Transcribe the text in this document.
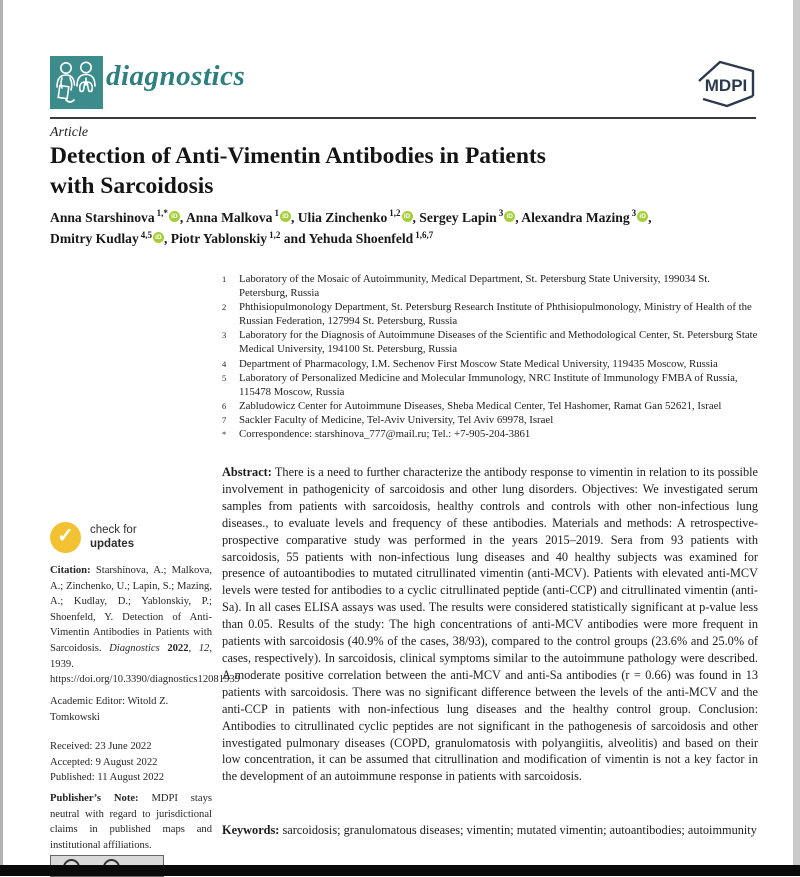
diagnostics	MDPI
Article
Detection of Anti-Vimentin Antibodies in Patients
with Sarcoidosis
Anna Starshinova $^{1,*}$ iD , Anna Malkova $^1$ iD , Ulia Zinchenko $^{1,2}$ iD , Sergey Lapin $^3$ iD , Alexandra Mazing $^3$ iD ,
Dmitry Kudlay $^{4,5}$ iD , Piotr Yablonskiy $^{1,2}$ and Yehuda Shoenfeld $^{1,6,7}$

1 Laboratory of the Mosaic of Autoimmunity, Medical Department, St. Petersburg State University, 199034 St. Petersburg, Russia

2 Phthisiopulmonology Department, St. Petersburg Research Institute of Phthisiopulmonology, Ministry of Health of the Russian Federation, 127994 St. Petersburg, Russia

3 Laboratory for the Diagnosis of Autoimmune Diseases of the Scientific and Methodological Center, St. Petersburg State Medical University, 194100 St. Petersburg, Russia

4 Department of Pharmacology, I.M. Sechenov First Moscow State Medical University, 119435 Moscow, Russia

5 Laboratory of Personalized Medicine and Molecular Immunology, NRC Institute of Immunology FMBA of Russia, 115478 Moscow, Russia

6 Zabludowicz Center for Autoimmune Diseases, Sheba Medical Center, Tel Hashomer, Ramat Gan 52621, Israel

7 Sackler Faculty of Medicine, Tel-Aviv University, Tel Aviv 69978, Israel

* Correspondence: starshinova_777@mail.ru; Tel.: +7-905-204-3861

Abstract: There is a need to further characterize the antibody response to vimentin in relation to its possible involvement in pathogenicity of sarcoidosis and other lung disorders. Objectives: We investigated serum samples from patients with sarcoidosis, healthy controls and controls with other non-infectious lung diseases., to evaluate levels and frequency of these antibodies. Materials and methods: A retrospective-prospective comparative study was performed in the years 2015–2019. Sera from 93 patients with sarcoidosis, 55 patients with non-infectious lung diseases and 40 healthy subjects was examined for presence of autoantibodies to mutated citrullinated vimentin (anti-MCV). Patients with elevated anti-MCV levels were tested for antibodies to a cyclic citrullinated peptide (anti-CCP) and citrullinated vimentin (anti-Sa). In all cases ELISA assays was used. The results were considered statistically significant at p-value less than 0.05. Results of the study: The high concentrations of anti-MCV antibodies were more frequent in patients with sarcoidosis (40.9% of the cases, 38/93), compared to the control groups (23.6% and 25.0% of cases, respectively). In sarcoidosis, clinical symptoms similar to the autoimmune pathology were described. A moderate positive correlation between the anti-MCV and anti-Sa antibodies (r = 0.66) was found in 13 patients with sarcoidosis. There was no significant difference between the levels of the anti-MCV and the anti-CCP in patients with non-infectious lung diseases and the healthy control group. Conclusion: Antibodies to citrullinated cyclic peptides are not significant in the pathogenesis of sarcoidosis and other investigated pulmonary diseases (COPD, granulomatosis with polyangiitis, alveolitis) and based on their low concentration, it can be assumed that citrullination and modification of vimentin is not a key factor in the development of an autoimmune response in patients with sarcoidosis.
Keywords: sarcoidosis; granulomatous diseases; vimentin; mutated vimentin; autoantibodies; autoimmunity
✓	check for
updates
Citation: Starshinova, A.; Malkova, A.; Zinchenko, U.; Lapin, S.; Mazing, A.; Kudlay, D.; Yablonskiy, P.; Shoenfeld, Y. Detection of Anti-Vimentin Antibodies in Patients with Sarcoidosis. Diagnostics 2022, 12, 1939. https://doi.org/10.3390/diagnostics12081939
Academic Editor: Witold Z. Tomkowski
Received: 23 June 2022
Accepted: 9 August 2022
Published: 11 August 2022
Publisher’s Note: MDPI stays neutral with regard to jurisdictional claims in published maps and institutional affiliations.
